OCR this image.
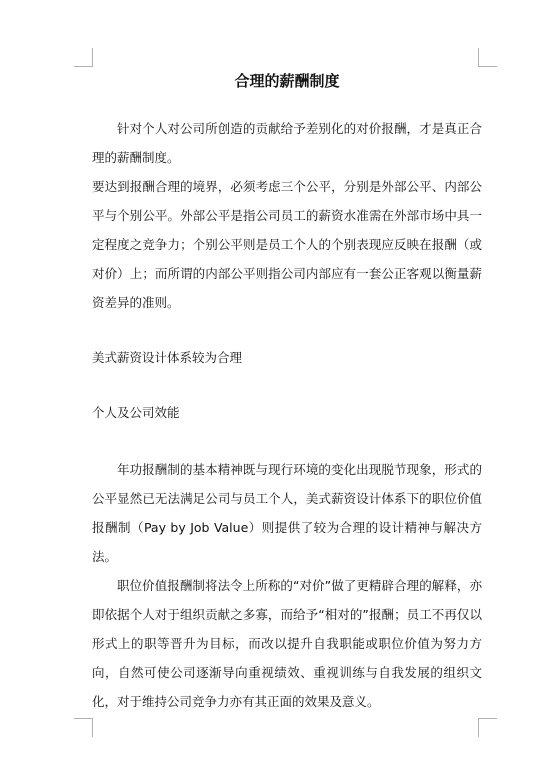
合理的薪酬制度

针对个人对公司所创造的贡献给予差别化的对价报酬，才是真正合理的薪酬制度。

要达到报酬合理的境界，必须考虑三个公平，分别是外部公平、内部公平与个别公平。外部公平是指公司员工的薪资水准需在外部市场中具一定程度之竞争力；个别公平则是员工个人的个别表现应反映在报酬（或对价）上；而所谓的内部公平则指公司内部应有一套公正客观以衡量薪资差异的准则。

美式薪资设计体系较为合理

个人及公司效能

年功报酬制的基本精神既与现行环境的变化出现脱节现象，形式的公平显然已无法满足公司与员工个人，美式薪资设计体系下的职位价值报酬制（Pay by Job Value）则提供了较为合理的设计精神与解决方法。

职位价值报酬制将法令上所称的“对价”做了更精辟合理的解释，亦即依据个人对于组织贡献之多寡，而给予“相对的”报酬；员工不再仅以形式上的职等晋升为目标，而改以提升自我职能或职位价值为努力方向，自然可使公司逐渐导向重视绩效、重视训练与自我发展的组织文化，对于维持公司竞争力亦有其正面的效果及意义。
